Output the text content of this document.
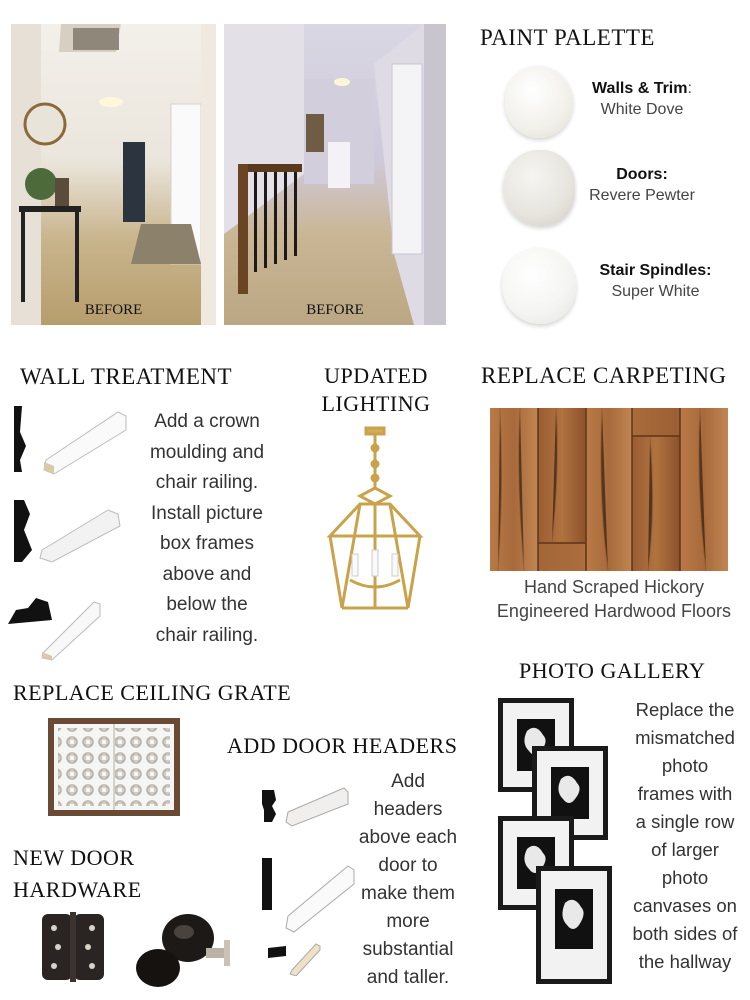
BEFORE	BEFORE
PAINT PALETTE
Walls & Trim:
White Dove
Doors:
Revere Pewter
Stair Spindles:
Super White
WALL TREATMENT
Add a crown
moulding and
chair railing.
Install picture
box frames
above and
below the
chair railing.
UPDATED
LIGHTING
REPLACE CARPETING
Hand Scraped Hickory
Engineered Hardwood Floors
REPLACE CEILING GRATE
NEW DOOR
HARDWARE
ADD DOOR HEADERS
Add
headers
above each
door to
make them
more
substantial
and taller.
PHOTO GALLERY
Replace the
mismatched
photo
frames with
a single row
of larger
photo
canvases on
both sides of
the hallway
